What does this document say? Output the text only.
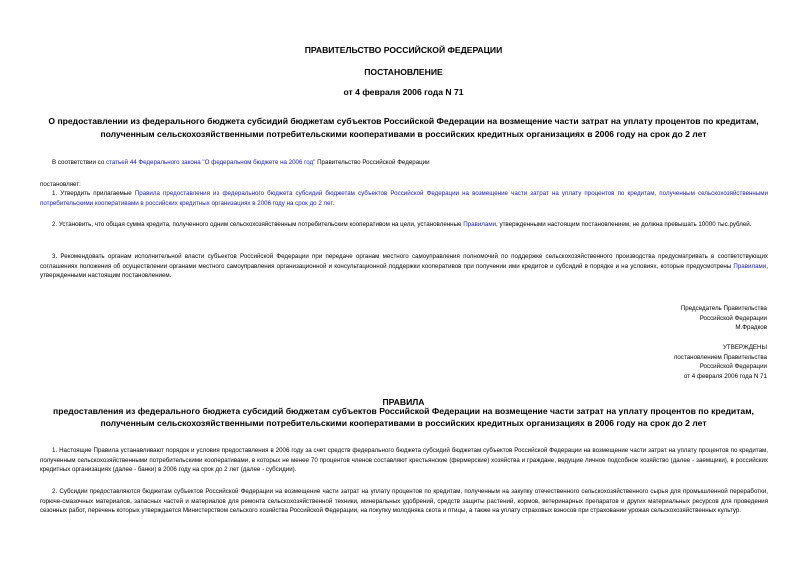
ПРАВИТЕЛЬСТВО РОССИЙСКОЙ ФЕДЕРАЦИИ
ПОСТАНОВЛЕНИЕ
от 4 февраля 2006 года N 71
О предоставлении из федерального бюджета субсидий бюджетам субъектов Российской Федерации на возмещение части затрат на уплату процентов по кредитам, полученным сельскохозяйственными потребительскими кооперативами в российских кредитных организациях в 2006 году на срок до 2 лет
В соответствии со статьей 44 Федерального закона "О федеральном бюджете на 2006 год" Правительство Российской Федерации
постановляет:
1. Утвердить прилагаемые Правила предоставления из федерального бюджета субсидий бюджетам субъектов Российской Федерации на возмещение части затрат на уплату процентов по кредитам, полученным сельскохозяйственными потребительскими кооперативами в российских кредитных организациях в 2006 году на срок до 2 лет.
2. Установить, что общая сумма кредита, полученного одним сельскохозяйственным потребительским кооперативом на цели, установленные Правилами, утвержденными настоящим постановлением, не должна превышать 10000 тыс.рублей.
3. Рекомендовать органам исполнительной власти субъектов Российской Федерации при передаче органам местного самоуправления полномочий по поддержке сельскохозяйственного производства предусматривать в соответствующих соглашениях положения об осуществлении органами местного самоуправления организационной и консультационной поддержки кооперативов при получении ими кредитов и субсидий в порядке и на условиях, которые предусмотрены Правилами, утвержденными настоящим постановлением.
Председатель Правительства
Российской Федерации
М.Фрадков
УТВЕРЖДЕНЫ
постановлением Правительства
Российской Федерации
от 4 февраля 2006 года N 71
ПРАВИЛА
предоставления из федерального бюджета субсидий бюджетам субъектов Российской Федерации на возмещение части затрат на уплату процентов по кредитам, полученным сельскохозяйственными потребительскими кооперативами в российских кредитных организациях в 2006 году на срок до 2 лет
1. Настоящие Правила устанавливают порядок и условия предоставления в 2006 году за счет средств федерального бюджета субсидий бюджетам субъектов Российской Федерации на возмещение части затрат на уплату процентов по кредитам, полученным сельскохозяйственными потребительскими кооперативами, в которых не менее 70 процентов членов составляют крестьянские (фермерские) хозяйства и граждане, ведущие личное подсобное хозяйство (далее - заемщики), в российских кредитных организациях (далее - банки) в 2006 году на срок до 2 лет (далее - субсидии).
2. Субсидии предоставляются бюджетам субъектов Российской Федерации на возмещение части затрат на уплату процентов по кредитам, полученным на закупку отечественного сельскохозяйственного сырья для промышленной переработки, горюче-смазочных материалов, запасных частей и материалов для ремонта сельскохозяйственной техники, минеральных удобрений, средств защиты растений, кормов, ветеринарных препаратов и других материальных ресурсов для проведения сезонных работ, перечень которых утверждается Министерством сельского хозяйства Российской Федерации, на покупку молодняка скота и птицы, а также на уплату страховых взносов при страховании урожая сельскохозяйственных культур.
